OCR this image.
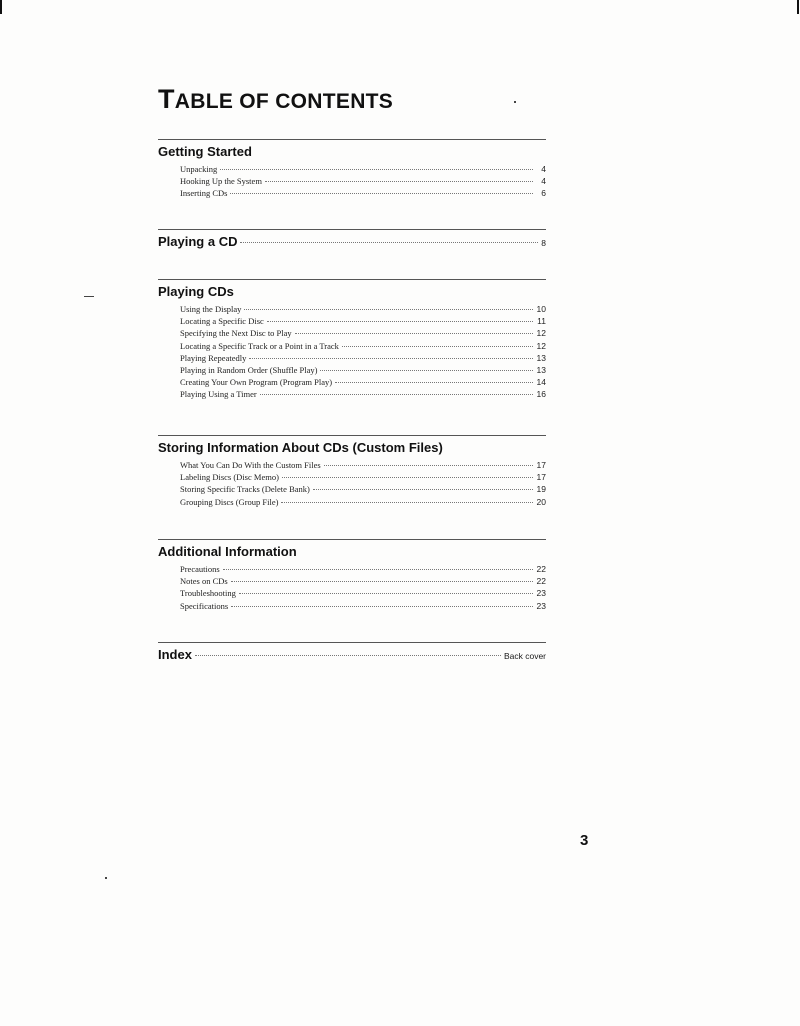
TABLE OF CONTENTS
Getting Started
Unpacking	4
Hooking Up the System	4
Inserting CDs	6
Playing a CD	8
Playing CDs
Using the Display	10
Locating a Specific Disc	11
Specifying the Next Disc to Play	12
Locating a Specific Track or a Point in a Track	12
Playing Repeatedly	13
Playing in Random Order (Shuffle Play)	13
Creating Your Own Program (Program Play)	14
Playing Using a Timer	16
Storing Information About CDs (Custom Files)
What You Can Do With the Custom Files	17
Labeling Discs (Disc Memo)	17
Storing Specific Tracks (Delete Bank)	19
Grouping Discs (Group File)	20
Additional Information
Precautions	22
Notes on CDs	22
Troubleshooting	23
Specifications	23
Index	Back cover
3
